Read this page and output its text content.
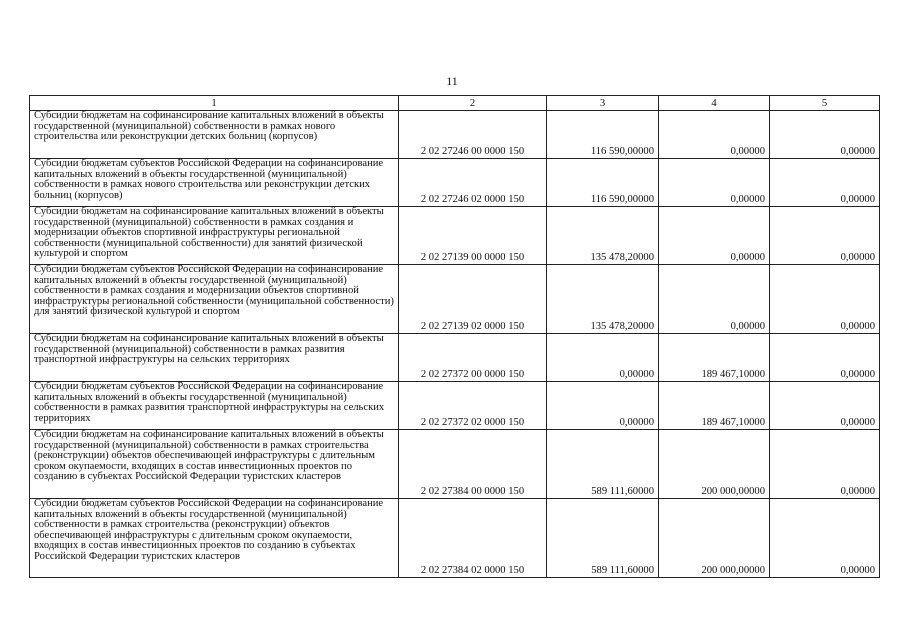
11
1	2	3	4	5
Субсидии бюджетам на софинансирование капитальных вложений в объекты государственной (муниципальной) собственности в рамках нового строительства или реконструкции детских больниц (корпусов)	2 02 27246 00 0000 150	116 590,00000	0,00000	0,00000
Субсидии бюджетам субъектов Российской Федерации на софинансирование капитальных вложений в объекты государственной (муниципальной) собственности в рамках нового строительства или реконструкции детских больниц (корпусов)	2 02 27246 02 0000 150	116 590,00000	0,00000	0,00000
Субсидии бюджетам на софинансирование капитальных вложений в объекты государственной (муниципальной) собственности в рамках создания и модернизации объектов спортивной инфраструктуры региональной собственности (муниципальной собственности) для занятий физической культурой и спортом	2 02 27139 00 0000 150	135 478,20000	0,00000	0,00000
Субсидии бюджетам субъектов Российской Федерации на софинансирование капитальных вложений в объекты государственной (муниципальной) собственности в рамках создания и модернизации объектов спортивной инфраструктуры региональной собственности (муниципальной собственности) для занятий физической культурой и спортом	2 02 27139 02 0000 150	135 478,20000	0,00000	0,00000
Субсидии бюджетам на софинансирование капитальных вложений в объекты государственной (муниципальной) собственности в рамках развития транспортной инфраструктуры на сельских территориях	2 02 27372 00 0000 150	0,00000	189 467,10000	0,00000
Субсидии бюджетам субъектов Российской Федерации на софинансирование капитальных вложений в объекты государственной (муниципальной) собственности в рамках развития транспортной инфраструктуры на сельских территориях	2 02 27372 02 0000 150	0,00000	189 467,10000	0,00000
Субсидии бюджетам на софинансирование капитальных вложений в объекты государственной (муниципальной) собственности в рамках строительства (реконструкции) объектов обеспечивающей инфраструктуры с длительным сроком окупаемости, входящих в состав инвестиционных проектов по созданию в субъектах Российской Федерации туристских кластеров	2 02 27384 00 0000 150	589 111,60000	200 000,00000	0,00000
Субсидии бюджетам субъектов Российской Федерации на софинансирование капитальных вложений в объекты государственной (муниципальной) собственности в рамках строительства (реконструкции) объектов обеспечивающей инфраструктуры с длительным сроком окупаемости, входящих в состав инвестиционных проектов по созданию в субъектах Российской Федерации туристских кластеров	2 02 27384 02 0000 150	589 111,60000	200 000,00000	0,00000
